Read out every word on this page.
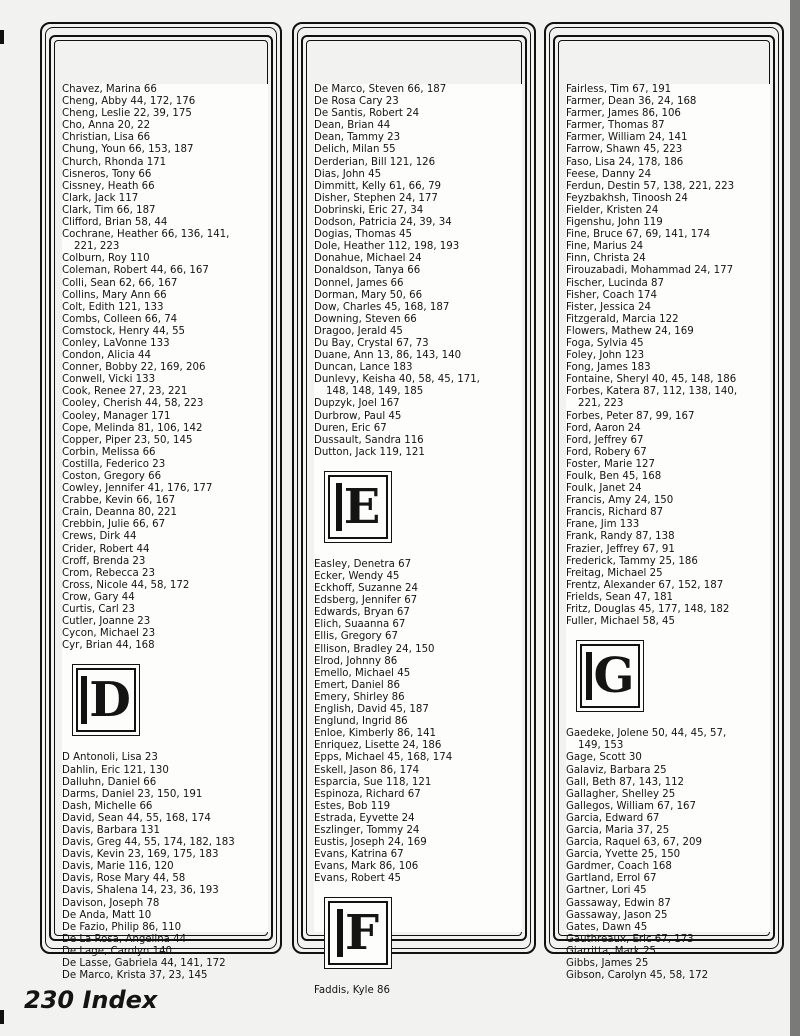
Chavez, Marina 66
Cheng, Abby 44, 172, 176
Cheng, Leslie 22, 39, 175
Cho, Anna 20, 22
Christian, Lisa 66
Chung, Youn 66, 153, 187
Church, Rhonda 171
Cisneros, Tony 66
Cissney, Heath 66
Clark, Jack 117
Clark, Tim 66, 187
Clifford, Brian 58, 44
Cochrane, Heather 66, 136, 141,
221, 223
Colburn, Roy 110
Coleman, Robert 44, 66, 167
Colli, Sean 62, 66, 167
Collins, Mary Ann 66
Colt, Edith 121, 133
Combs, Colleen 66, 74
Comstock, Henry 44, 55
Conley, LaVonne 133
Condon, Alicia 44
Conner, Bobby 22, 169, 206
Conwell, Vicki 133
Cook, Renee 27, 23, 221
Cooley, Cherish 44, 58, 223
Cooley, Manager 171
Cope, Melinda 81, 106, 142
Copper, Piper 23, 50, 145
Corbin, Melissa 66
Costilla, Federico 23
Coston, Gregory 66
Cowley, Jennifer 41, 176, 177
Crabbe, Kevin 66, 167
Crain, Deanna 80, 221
Crebbin, Julie 66, 67
Crews, Dirk 44
Crider, Robert 44
Croff, Brenda 23
Crom, Rebecca 23
Cross, Nicole 44, 58, 172
Crow, Gary 44
Curtis, Carl 23
Cutler, Joanne 23
Cycon, Michael 23
Cyr, Brian 44, 168
D
D Antonoli, Lisa 23
Dahlin, Eric 121, 130
Dalluhn, Daniel 66
Darms, Daniel 23, 150, 191
Dash, Michelle 66
David, Sean 44, 55, 168, 174
Davis, Barbara 131
Davis, Greg 44, 55, 174, 182, 183
Davis, Kevin 23, 169, 175, 183
Davis, Marie 116, 120
Davis, Rose Mary 44, 58
Davis, Shalena 14, 23, 36, 193
Davison, Joseph 78
De Anda, Matt 10
De Fazio, Philip 86, 110
De La Rosa, Angelina 44
De Lage, Carolyn 140
De Lasse, Gabriela 44, 141, 172
De Marco, Krista 37, 23, 145
De Marco, Steven 66, 187
De Rosa Cary 23
De Santis, Robert 24
Dean, Brian 44
Dean, Tammy 23
Delich, Milan 55
Derderian, Bill 121, 126
Dias, John 45
Dimmitt, Kelly 61, 66, 79
Disher, Stephen 24, 177
Dobrinski, Eric 27, 34
Dodson, Patricia 24, 39, 34
Dogias, Thomas 45
Dole, Heather 112, 198, 193
Donahue, Michael 24
Donaldson, Tanya 66
Donnel, James 66
Dorman, Mary 50, 66
Dow, Charles 45, 168, 187
Downing, Steven 66
Dragoo, Jerald 45
Du Bay, Crystal 67, 73
Duane, Ann 13, 86, 143, 140
Duncan, Lance 183
Dunlevy, Keisha 40, 58, 45, 171,
148, 148, 149, 185
Dupzyk, Joel 167
Durbrow, Paul 45
Duren, Eric 67
Dussault, Sandra 116
Dutton, Jack 119, 121
E
Easley, Denetra 67
Ecker, Wendy 45
Eckhoff, Suzanne 24
Edsberg, Jennifer 67
Edwards, Bryan 67
Elich, Suaanna 67
Ellis, Gregory 67
Ellison, Bradley 24, 150
Elrod, Johnny 86
Emello, Michael 45
Emert, Daniel 86
Emery, Shirley 86
English, David 45, 187
Englund, Ingrid 86
Enloe, Kimberly 86, 141
Enriquez, Lisette 24, 186
Epps, Michael 45, 168, 174
Eskell, Jason 86, 174
Esparcia, Sue 118, 121
Espinoza, Richard 67
Estes, Bob 119
Estrada, Eyvette 24
Eszlinger, Tommy 24
Eustis, Joseph 24, 169
Evans, Katrina 67
Evans, Mark 86, 106
Evans, Robert 45
F
Faddis, Kyle 86
Fairless, Tim 67, 191
Farmer, Dean 36, 24, 168
Farmer, James 86, 106
Farmer, Thomas 87
Farmer, William 24, 141
Farrow, Shawn 45, 223
Faso, Lisa 24, 178, 186
Feese, Danny 24
Ferdun, Destin 57, 138, 221, 223
Feyzbakhsh, Tinoosh 24
Fielder, Kristen 24
Figenshu, John 119
Fine, Bruce 67, 69, 141, 174
Fine, Marius 24
Finn, Christa 24
Firouzabadi, Mohammad 24, 177
Fischer, Lucinda 87
Fisher, Coach 174
Fister, Jessica 24
Fitzgerald, Marcia 122
Flowers, Mathew 24, 169
Foga, Sylvia 45
Foley, John 123
Fong, James 183
Fontaine, Sheryl 40, 45, 148, 186
Forbes, Katera 87, 112, 138, 140,
221, 223
Forbes, Peter 87, 99, 167
Ford, Aaron 24
Ford, Jeffrey 67
Ford, Robery 67
Foster, Marie 127
Foulk, Ben 45, 168
Foulk, Janet 24
Francis, Amy 24, 150
Francis, Richard 87
Frane, Jim 133
Frank, Randy 87, 138
Frazier, Jeffrey 67, 91
Frederick, Tammy 25, 186
Freitag, Michael 25
Frentz, Alexander 67, 152, 187
Frields, Sean 47, 181
Fritz, Douglas 45, 177, 148, 182
Fuller, Michael 58, 45
G
Gaedeke, Jolene 50, 44, 45, 57,
149, 153
Gage, Scott 30
Galaviz, Barbara 25
Gall, Beth 87, 143, 112
Gallagher, Shelley 25
Gallegos, William 67, 167
Garcia, Edward 67
Garcia, Maria 37, 25
Garcia, Raquel 63, 67, 209
Garcia, Yvette 25, 150
Gardmer, Coach 168
Gartland, Errol 67
Gartner, Lori 45
Gassaway, Edwin 87
Gassaway, Jason 25
Gates, Dawn 45
Gauthreaux, Eric 67, 173
Giarritta, Mark 25
Gibbs, James 25
Gibson, Carolyn 45, 58, 172
230 Index
